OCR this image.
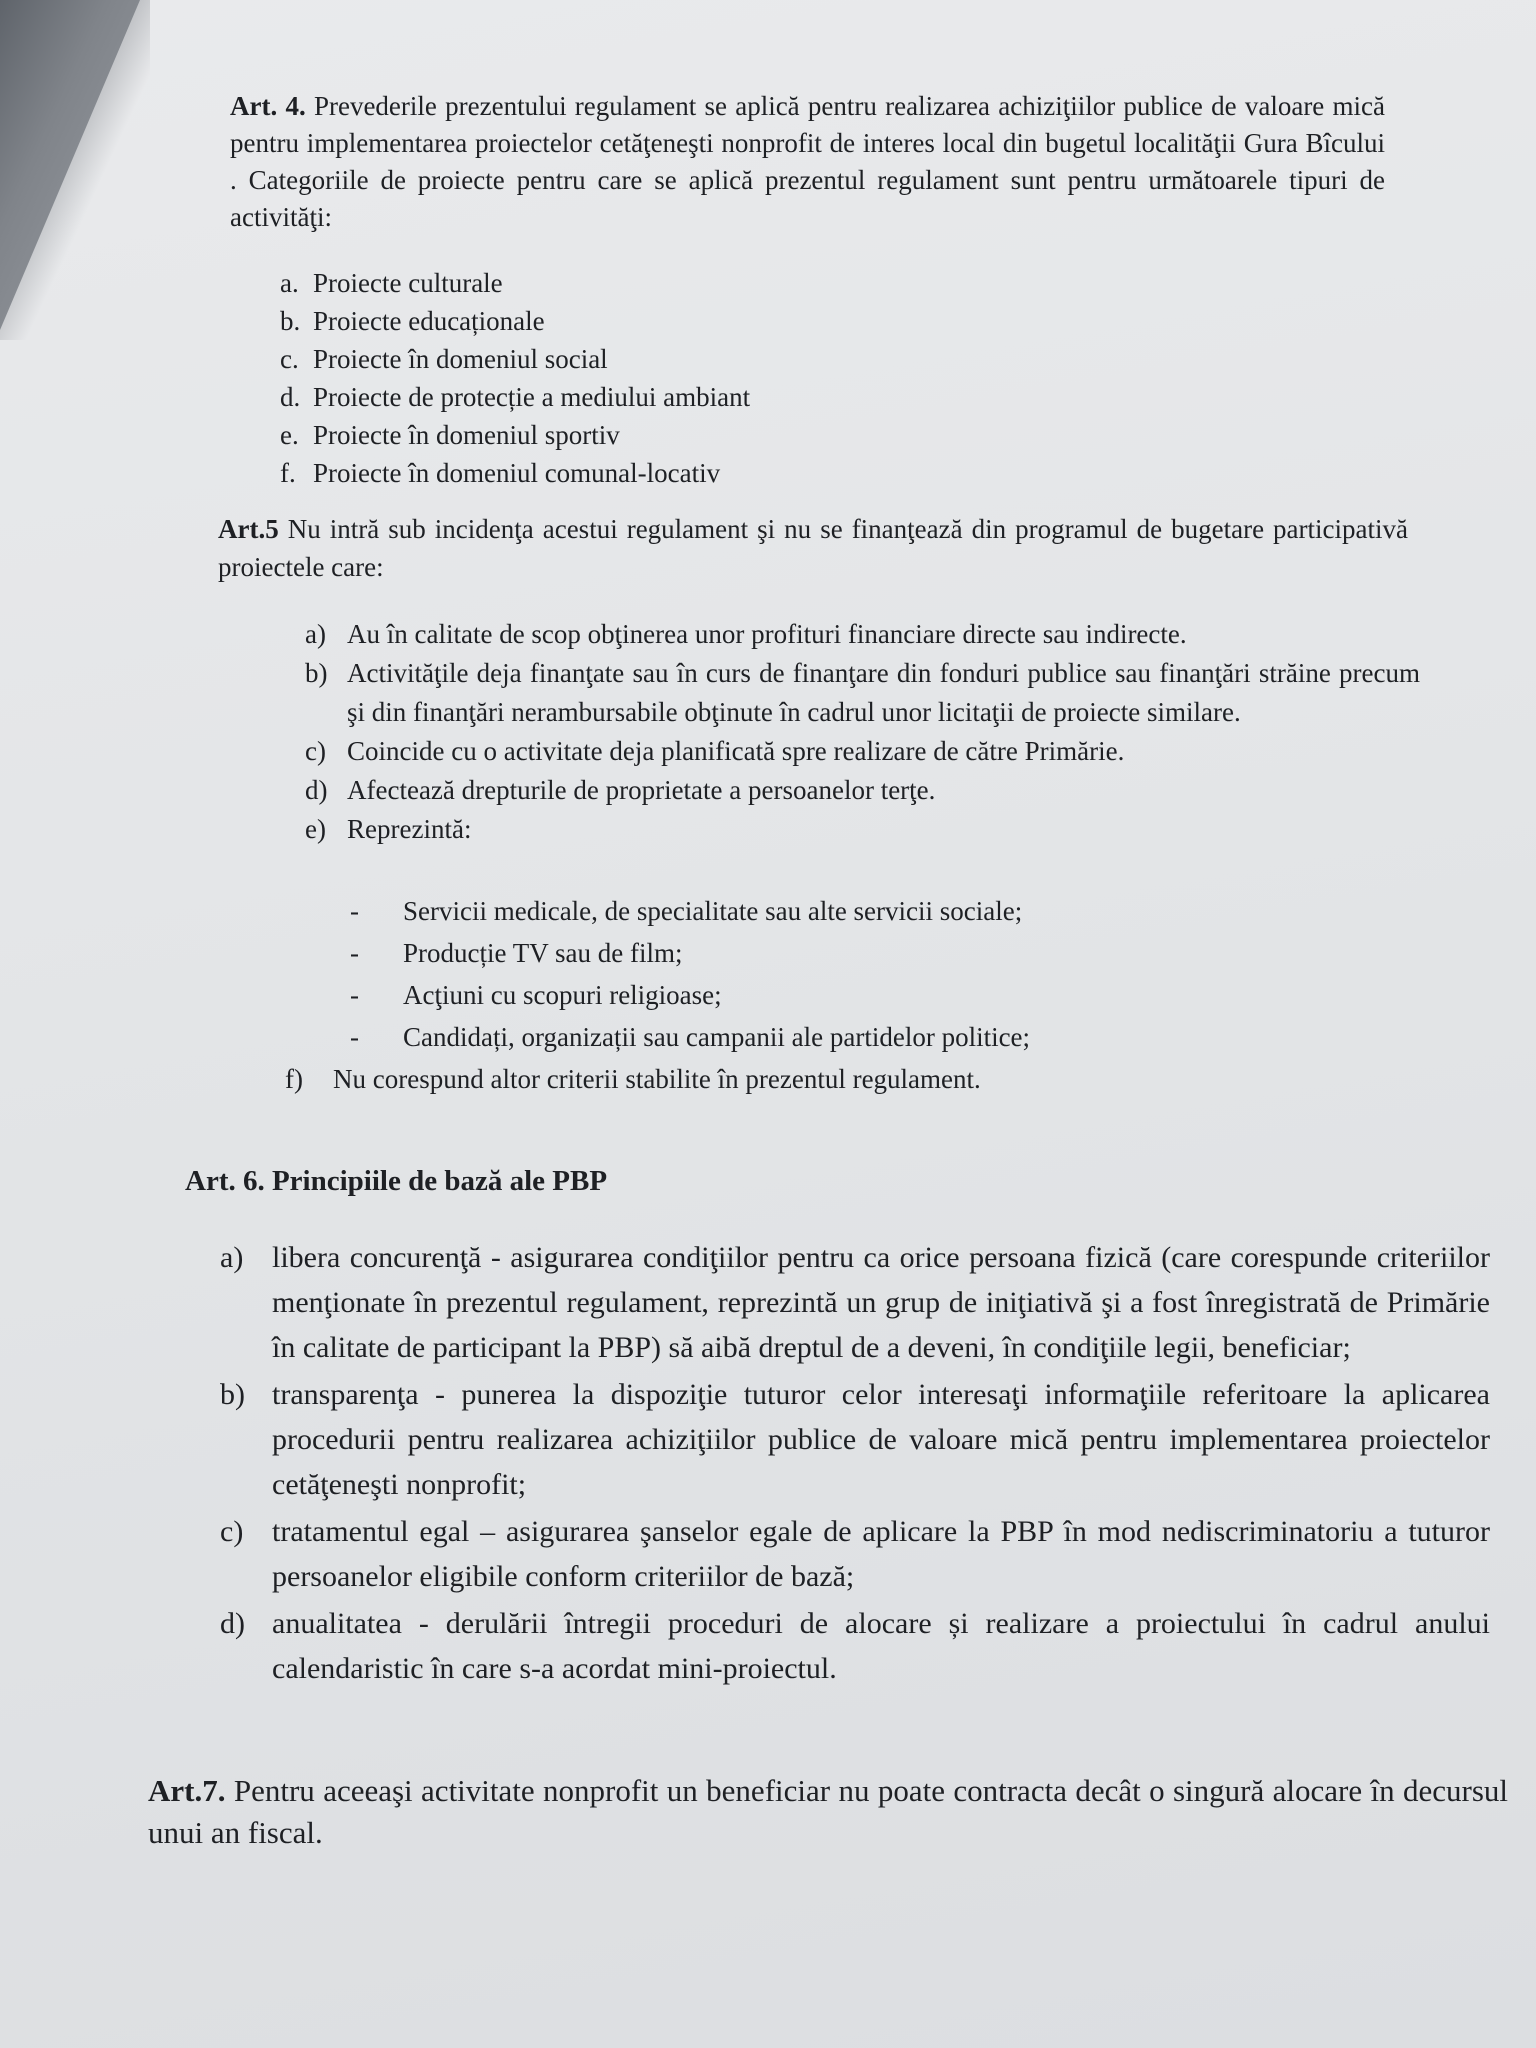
Art. 4. Prevederile prezentului regulament se aplică pentru realizarea achiziţiilor publice de valoare mică pentru implementarea proiectelor cetăţeneşti nonprofit de interes local din bugetul localităţii Gura Bîcului . Categoriile de proiecte pentru care se aplică prezentul regulament sunt pentru următoarele tipuri de activităţi:

a. Proiecte culturale
b. Proiecte educaționale
c. Proiecte în domeniul social
d. Proiecte de protecție a mediului ambiant
e. Proiecte în domeniul sportiv
f. Proiecte în domeniul comunal-locativ

Art.5 Nu intră sub incidenţa acestui regulament şi nu se finanţează din programul de bugetare participativă proiectele care:

a) Au în calitate de scop obţinerea unor profituri financiare directe sau indirecte.
b) Activităţile deja finanţate sau în curs de finanţare din fonduri publice sau finanţări străine precum şi din finanţări nerambursabile obţinute în cadrul unor licitaţii de proiecte similare.
c) Coincide cu o activitate deja planificată spre realizare de către Primărie.
d) Afectează drepturile de proprietate a persoanelor terţe.
e) Reprezintă:
- Servicii medicale, de specialitate sau alte servicii sociale;
- Producție TV sau de film;
- Acţiuni cu scopuri religioase;
- Candidați, organizații sau campanii ale partidelor politice;
f) Nu corespund altor criterii stabilite în prezentul regulament.

Art. 6. Principiile de bază ale PBP

a) libera concurenţă - asigurarea condiţiilor pentru ca orice persoana fizică (care corespunde criteriilor menţionate în prezentul regulament, reprezintă un grup de iniţiativă şi a fost înregistrată de Primărie în calitate de participant la PBP) să aibă dreptul de a deveni, în condiţiile legii, beneficiar;
b) transparenţa - punerea la dispoziţie tuturor celor interesaţi informaţiile referitoare la aplicarea procedurii pentru realizarea achiziţiilor publice de valoare mică pentru implementarea proiectelor cetăţeneşti nonprofit;
c) tratamentul egal – asigurarea şanselor egale de aplicare la PBP în mod nediscriminatoriu a tuturor persoanelor eligibile conform criteriilor de bază;
d) anualitatea - derulării întregii proceduri de alocare și realizare a proiectului în cadrul anului calendaristic în care s-a acordat mini-proiectul.

Art.7. Pentru aceeaşi activitate nonprofit un beneficiar nu poate contracta decât o singură alocare în decursul unui an fiscal.
